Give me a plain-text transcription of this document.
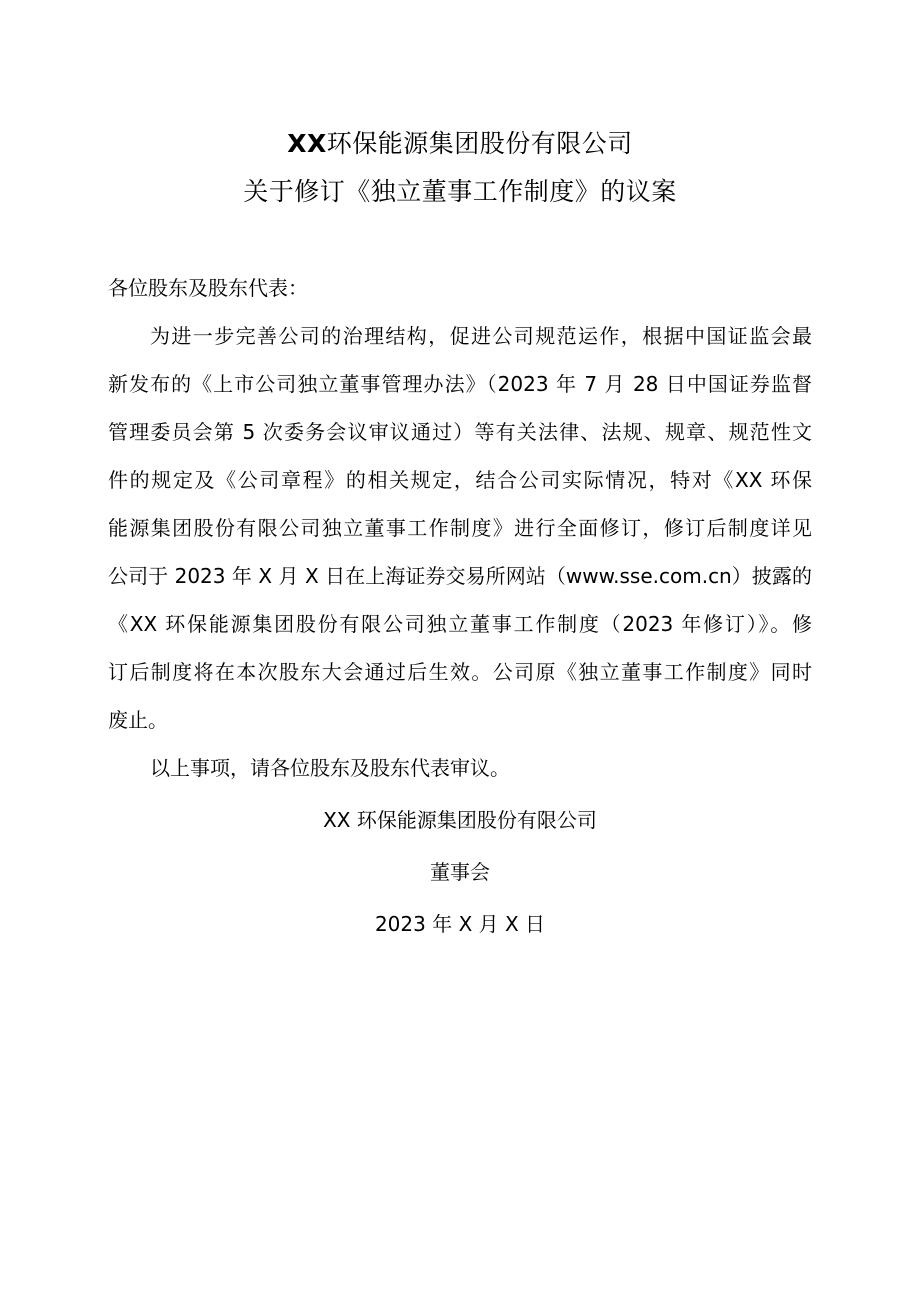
XX环保能源集团股份有限公司
关于修订《独立董事工作制度》的议案

各位股东及股东代表：

为进一步完善公司的治理结构，促进公司规范运作，根据中国证监会最

新发布的《上市公司独立董事管理办法》（2023 年 7 月 28 日中国证券监督

管理委员会第 5 次委务会议审议通过）等有关法律、法规、规章、规范性文

件的规定及《公司章程》的相关规定，结合公司实际情况，特对《XX 环保

能源集团股份有限公司独立董事工作制度》进行全面修订，修订后制度详见

公司于 2023 年 X 月 X 日在上海证券交易所网站（www.sse.com.cn）披露的

《XX 环保能源集团股份有限公司独立董事工作制度（2023 年修订）》。修

订后制度将在本次股东大会通过后生效。公司原《独立董事工作制度》同时

废止。

以上事项，请各位股东及股东代表审议。

XX 环保能源集团股份有限公司
董事会
2023 年 X 月 X 日
